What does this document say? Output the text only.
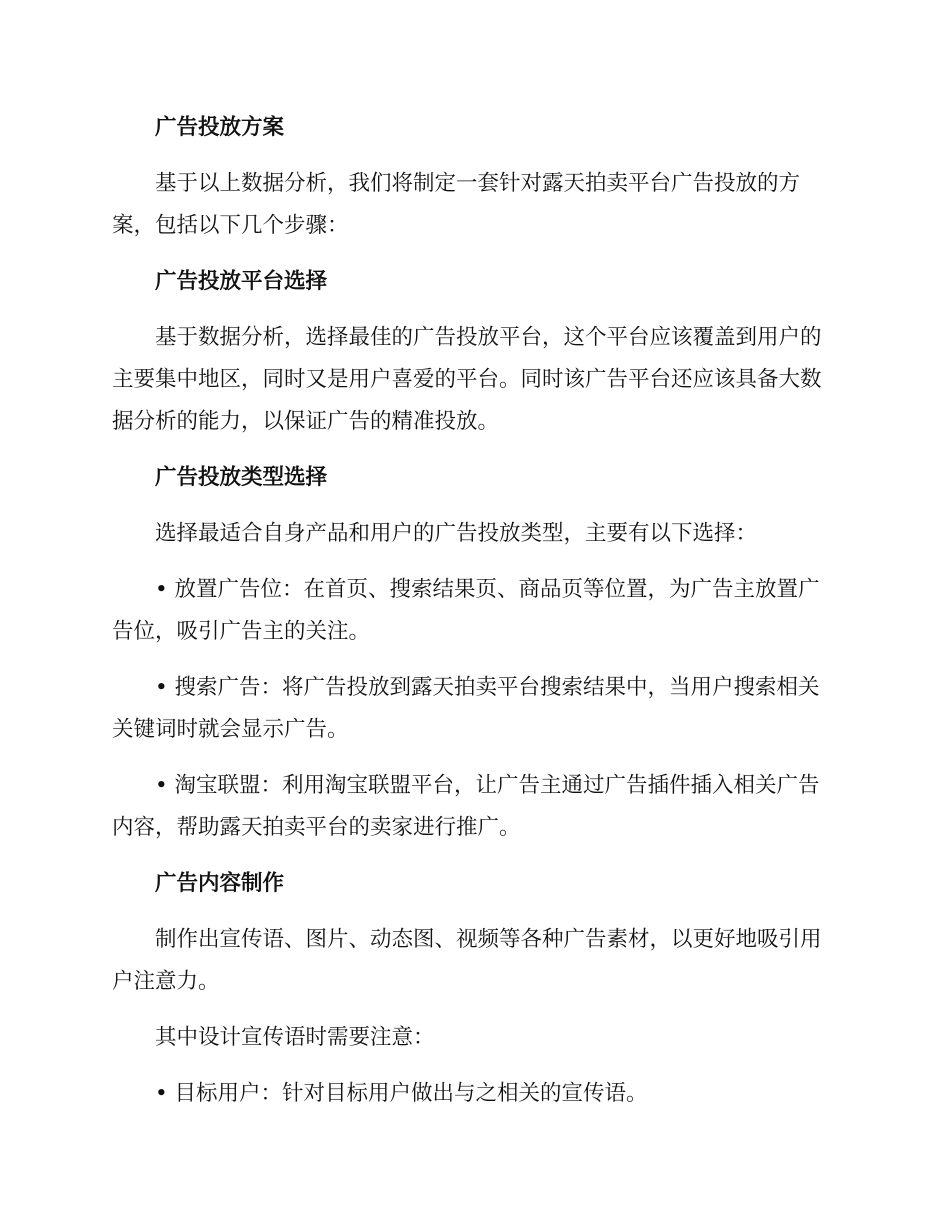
广告投放方案

基于以上数据分析，我们将制定一套针对露天拍卖平台广告投放的方案，包括以下几个步骤：

广告投放平台选择

基于数据分析，选择最佳的广告投放平台，这个平台应该覆盖到用户的主要集中地区，同时又是用户喜爱的平台。同时该广告平台还应该具备大数据分析的能力，以保证广告的精准投放。

广告投放类型选择

选择最适合自身产品和用户的广告投放类型，主要有以下选择：

• 放置广告位：在首页、搜索结果页、商品页等位置，为广告主放置广告位，吸引广告主的关注。

• 搜索广告：将广告投放到露天拍卖平台搜索结果中，当用户搜索相关关键词时就会显示广告。

• 淘宝联盟：利用淘宝联盟平台，让广告主通过广告插件插入相关广告内容，帮助露天拍卖平台的卖家进行推广。

广告内容制作

制作出宣传语、图片、动态图、视频等各种广告素材，以更好地吸引用户注意力。

其中设计宣传语时需要注意：

• 目标用户：针对目标用户做出与之相关的宣传语。
